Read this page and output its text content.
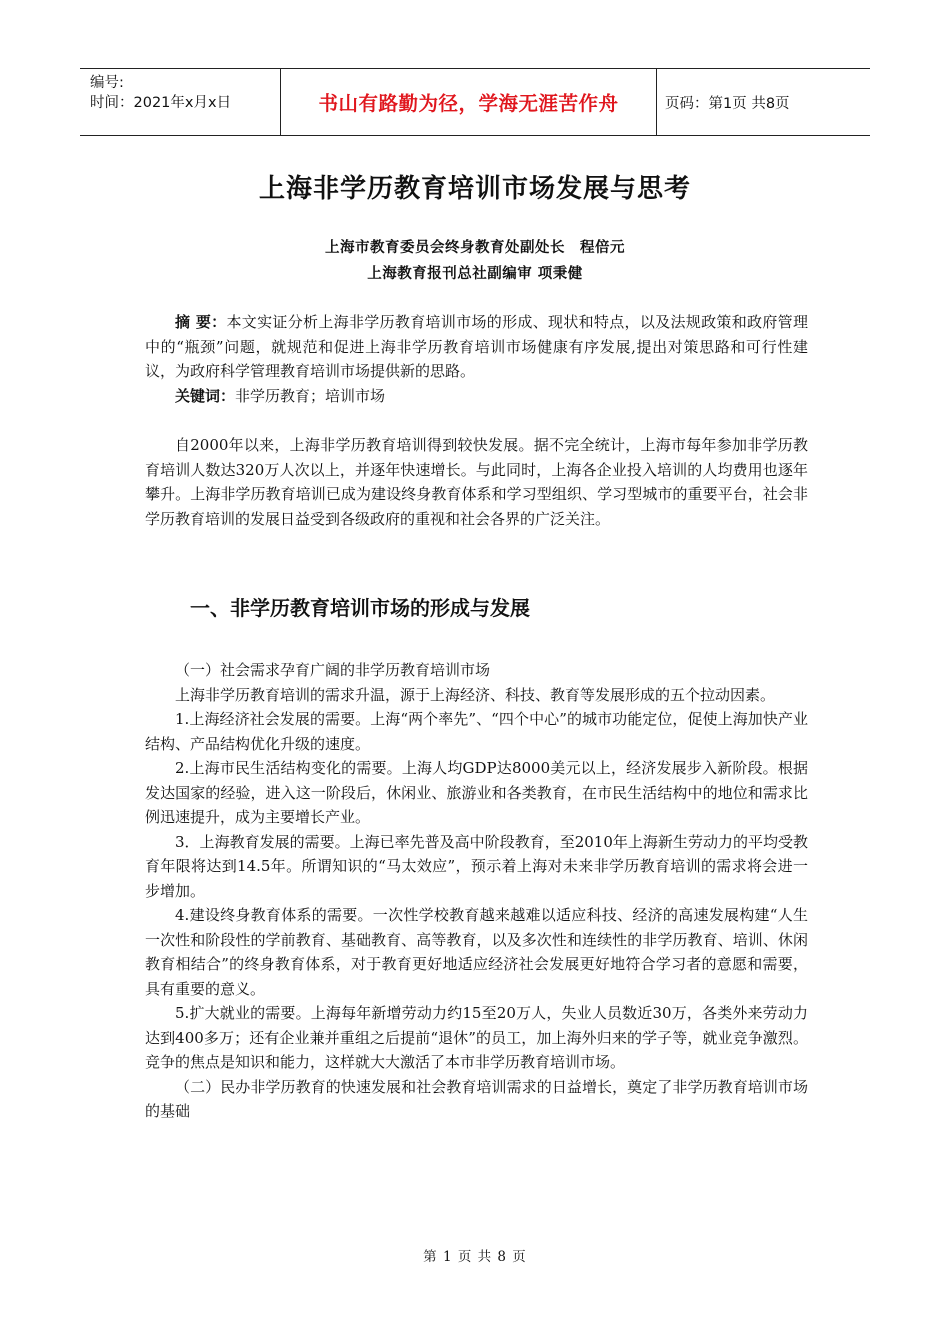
编号:
时间：2021年x月x日	书山有路勤为径，学海无涯苦作舟	页码：第1页 共8页
上海非学历教育培训市场发展与思考
上海市教育委员会终身教育处副处长　程倍元
上海教育报刊总社副编审 项秉健

摘 要：本文实证分析上海非学历教育培训市场的形成、现状和特点，以及法规政策和政府管理中的“瓶颈”问题，就规范和促进上海非学历教育培训市场健康有序发展,提出对策思路和可行性建议，为政府科学管理教育培训市场提供新的思路。

关键词：非学历教育；培训市场

自2000年以来，上海非学历教育培训得到较快发展。据不完全统计，上海市每年参加非学历教育培训人数达320万人次以上，并逐年快速增长。与此同时，上海各企业投入培训的人均费用也逐年攀升。上海非学历教育培训已成为建设终身教育体系和学习型组织、学习型城市的重要平台，社会非学历教育培训的发展日益受到各级政府的重视和社会各界的广泛关注。

一、非学历教育培训市场的形成与发展

（一）社会需求孕育广阔的非学历教育培训市场

上海非学历教育培训的需求升温，源于上海经济、科技、教育等发展形成的五个拉动因素。

1.上海经济社会发展的需要。上海“两个率先”、“四个中心”的城市功能定位，促使上海加快产业结构、产品结构优化升级的速度。

2.上海市民生活结构变化的需要。上海人均GDP达8000美元以上，经济发展步入新阶段。根据发达国家的经验，进入这一阶段后，休闲业、旅游业和各类教育，在市民生活结构中的地位和需求比例迅速提升，成为主要增长产业。

3．上海教育发展的需要。上海已率先普及高中阶段教育，至2010年上海新生劳动力的平均受教育年限将达到14.5年。所谓知识的“马太效应”，预示着上海对未来非学历教育培训的需求将会进一步增加。

4.建设终身教育体系的需要。一次性学校教育越来越难以适应科技、经济的高速发展构建“人生一次性和阶段性的学前教育、基础教育、高等教育，以及多次性和连续性的非学历教育、培训、休闲教育相结合”的终身教育体系，对于教育更好地适应经济社会发展更好地符合学习者的意愿和需要，具有重要的意义。

5.扩大就业的需要。上海每年新增劳动力约15至20万人，失业人员数近30万，各类外来劳动力达到400多万；还有企业兼并重组之后提前“退休”的员工，加上海外归来的学子等，就业竞争激烈。竞争的焦点是知识和能力，这样就大大激活了本市非学历教育培训市场。

（二）民办非学历教育的快速发展和社会教育培训需求的日益增长，奠定了非学历教育培训市场的基础

第 1 页 共 8 页
